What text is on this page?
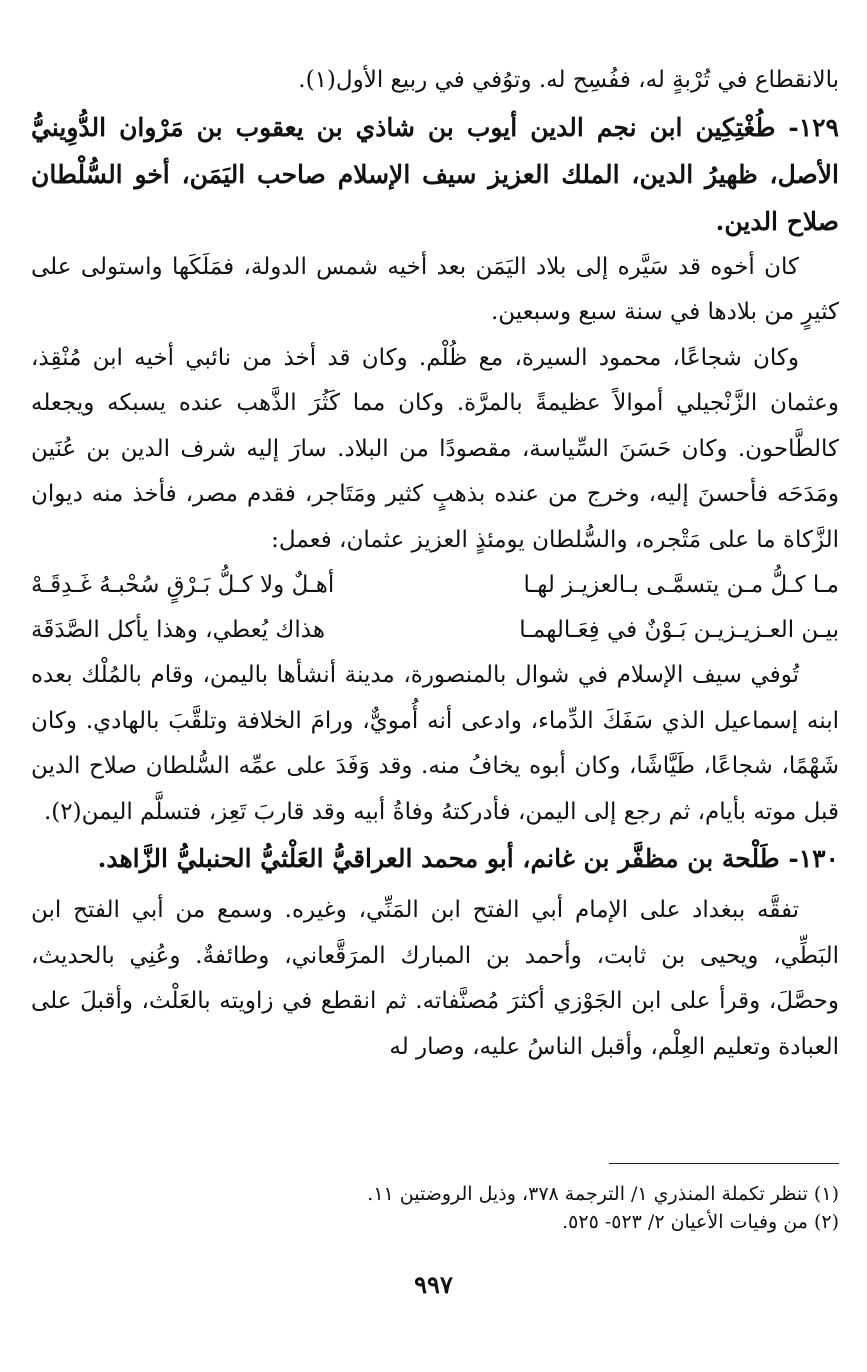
بالانقطاع في تُرْبةٍ له، ففُسِح له. وتوُفي في ربيع الأول(١).

١٢٩- طُغْتِكِين ابن نجم الدين أيوب بن شاذي بن يعقوب بن مَرْوان الدُّوِينيُّ الأصل، ظهيرُ الدين، الملك العزيز سيف الإسلام صاحب اليَمَن، أخو السُّلْطان صلاح الدين.

كان أخوه قد سَيَّره إلى بلاد اليَمَن بعد أخيه شمس الدولة، فمَلَكَها واستولى على كثيرٍ من بلادها في سنة سبع وسبعين.

وكان شجاعًا، محمود السيرة، مع ظُلْم. وكان قد أخذ من نائبي أخيه ابن مُنْقِذ، وعثمان الزَّنْجيلي أموالاً عظيمةً بالمرَّة. وكان مما كَثُرَ الذَّهب عنده يسبكه ويجعله كالطَّاحون. وكان حَسَنَ السِّياسة، مقصودًا من البلاد. سارَ إليه شرف الدين بن عُنَين ومَدَحَه فأحسنَ إليه، وخرج من عنده بذهبٍ كثير ومَتَاجر، فقدم مصر، فأخذ منه ديوان الزَّكاة ما على مَتْجره، والسُّلطان يومئذٍ العزيز عثمان، فعمل:

مـا كـلُّ مـن يتسمَّـى بـالعزيـز لهـا
أهـلٌ ولا كـلُّ بَـرْقٍ سُحْبـهُ غَـدِقَـهْ
بيـن العـزيـزيـن بَـوْنٌ في فِعَـالهمـا
هذاك يُعطي، وهذا يأكل الصَّدَقَة

تُوفي سيف الإسلام في شوال بالمنصورة، مدينة أنشأها باليمن، وقام بالمُلْك بعده ابنه إسماعيل الذي سَفَكَ الدِّماء، وادعى أنه أُمويٌّ، ورامَ الخلافة وتلقَّبَ بالهادي. وكان شَهْمًا، شجاعًا، طَيَّاشًا، وكان أبوه يخافُ منه. وقد وَفَدَ على عمِّه السُّلطان صلاح الدين قبل موته بأيام، ثم رجع إلى اليمن، فأدركتهُ وفاةُ أبيه وقد قاربَ تَعِز، فتسلَّم اليمن(٢).

١٣٠- طَلْحة بن مظفَّر بن غانم، أبو محمد العراقيُّ العَلْثيُّ الحنبليُّ الزَّاهد.

تفقَّه ببغداد على الإمام أبي الفتح ابن المَنِّي، وغيره. وسمع من أبي الفتح ابن البَطِّي، ويحيى بن ثابت، وأحمد بن المبارك المرَقَّعاني، وطائفةٌ. وعُنِي بالحديث، وحصَّلَ، وقرأ على ابن الجَوْزي أكثرَ مُصنَّفاته. ثم انقطع في زاويته بالعَلْث، وأقبلَ على العبادة وتعليم العِلْم، وأقبل الناسُ عليه، وصار له

(١) تنظر تكملة المنذري ١/ الترجمة ٣٧٨، وذيل الروضتين ١١.
(٢) من وفيات الأعيان ٢/ ٥٢٣- ٥٢٥.
٩٩٧
